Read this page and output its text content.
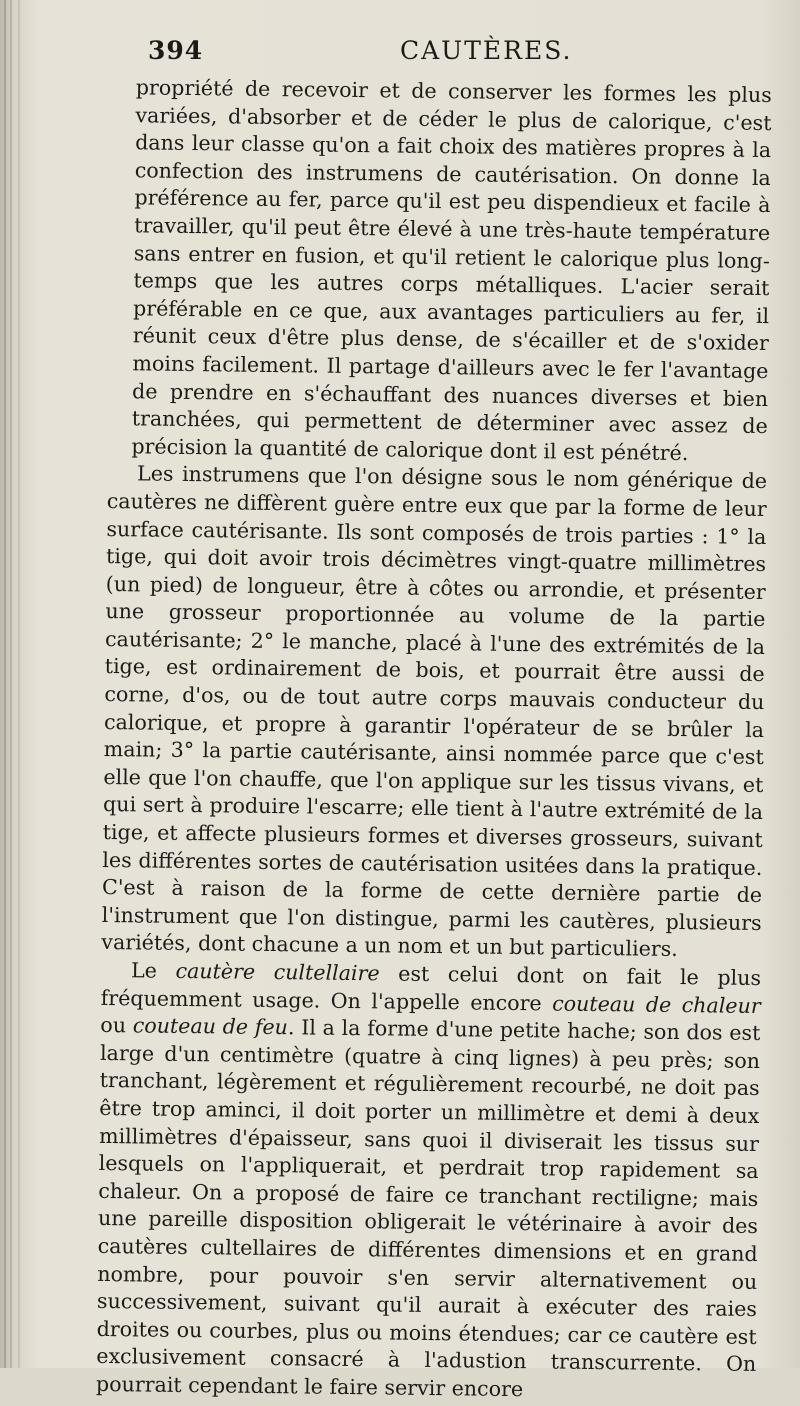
394	CAUTÈRES.

propriété de recevoir et de conserver les formes les plus variées, d'absorber et de céder le plus de calorique, c'est dans leur classe qu'on a fait choix des matières propres à la confection des instrumens de cautérisation. On donne la préférence au fer, parce qu'il est peu dispendieux et facile à travailler, qu'il peut être élevé à une très-haute température sans entrer en fusion, et qu'il retient le calorique plus long-temps que les autres corps métalliques. L'acier serait préférable en ce que, aux avantages particuliers au fer, il réunit ceux d'être plus dense, de s'écailler et de s'oxider moins facilement. Il partage d'ailleurs avec le fer l'avantage de prendre en s'échauffant des nuances diverses et bien tranchées, qui permettent de déterminer avec assez de précision la quantité de calorique dont il est pénétré.

Les instrumens que l'on désigne sous le nom générique de cautères ne diffèrent guère entre eux que par la forme de leur surface cautérisante. Ils sont composés de trois parties : 1° la tige, qui doit avoir trois décimètres vingt-quatre millimètres (un pied) de longueur, être à côtes ou arrondie, et présenter une grosseur proportionnée au volume de la partie cautérisante; 2° le manche, placé à l'une des extrémités de la tige, est ordinairement de bois, et pourrait être aussi de corne, d'os, ou de tout autre corps mauvais conducteur du calorique, et propre à garantir l'opérateur de se brûler la main; 3° la partie cautérisante, ainsi nommée parce que c'est elle que l'on chauffe, que l'on applique sur les tissus vivans, et qui sert à produire l'escarre; elle tient à l'autre extrémité de la tige, et affecte plusieurs formes et diverses grosseurs, suivant les différentes sortes de cautérisation usitées dans la pratique. C'est à raison de la forme de cette dernière partie de l'instrument que l'on distingue, parmi les cautères, plusieurs variétés, dont chacune a un nom et un but particuliers.

Le cautère cultellaire est celui dont on fait le plus fréquemment usage. On l'appelle encore couteau de chaleur ou couteau de feu. Il a la forme d'une petite hache; son dos est large d'un centimètre (quatre à cinq lignes) à peu près; son tranchant, légèrement et régulièrement recourbé, ne doit pas être trop aminci, il doit porter un millimètre et demi à deux millimètres d'épaisseur, sans quoi il diviserait les tissus sur lesquels on l'appliquerait, et perdrait trop rapidement sa chaleur. On a proposé de faire ce tranchant rectiligne; mais une pareille disposition obligerait le vétérinaire à avoir des cautères cultellaires de différentes dimensions et en grand nombre, pour pouvoir s'en servir alternativement ou successivement, suivant qu'il aurait à exécuter des raies droites ou courbes, plus ou moins étendues; car ce cautère est exclusivement consacré à l'adustion transcurrente. On pourrait cependant le faire servir encore
